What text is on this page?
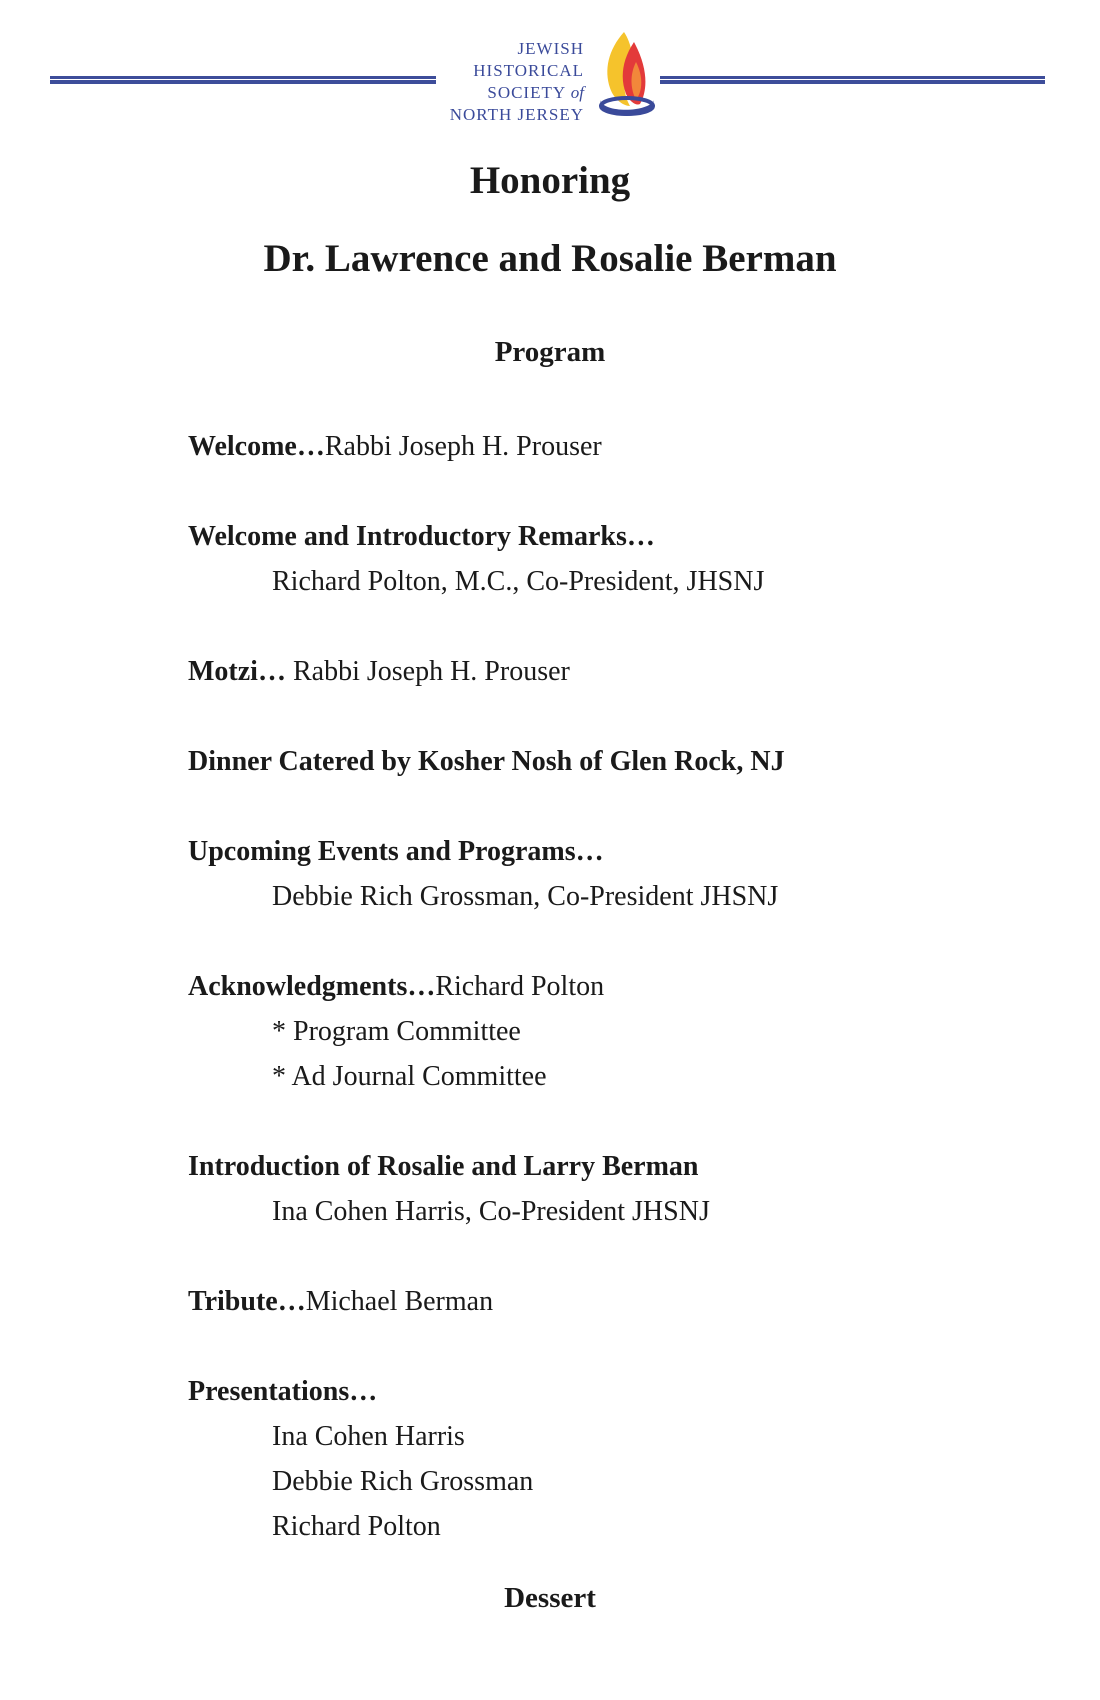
JEWISH
HISTORICAL
SOCIETY of
NORTH JERSEY
Honoring
Dr. Lawrence and Rosalie Berman
Program
Welcome…Rabbi Joseph H. Prouser
Welcome and Introductory Remarks…
Richard Polton, M.C., Co-President, JHSNJ
Motzi… Rabbi Joseph H. Prouser
Dinner Catered by Kosher Nosh of Glen Rock, NJ
Upcoming Events and Programs…
Debbie Rich Grossman, Co-President JHSNJ
Acknowledgments…Richard Polton
* Program Committee
* Ad Journal Committee
Introduction of Rosalie and Larry Berman
Ina Cohen Harris, Co-President JHSNJ
Tribute…Michael Berman
Presentations…
Ina Cohen Harris
Debbie Rich Grossman
Richard Polton
Dessert
